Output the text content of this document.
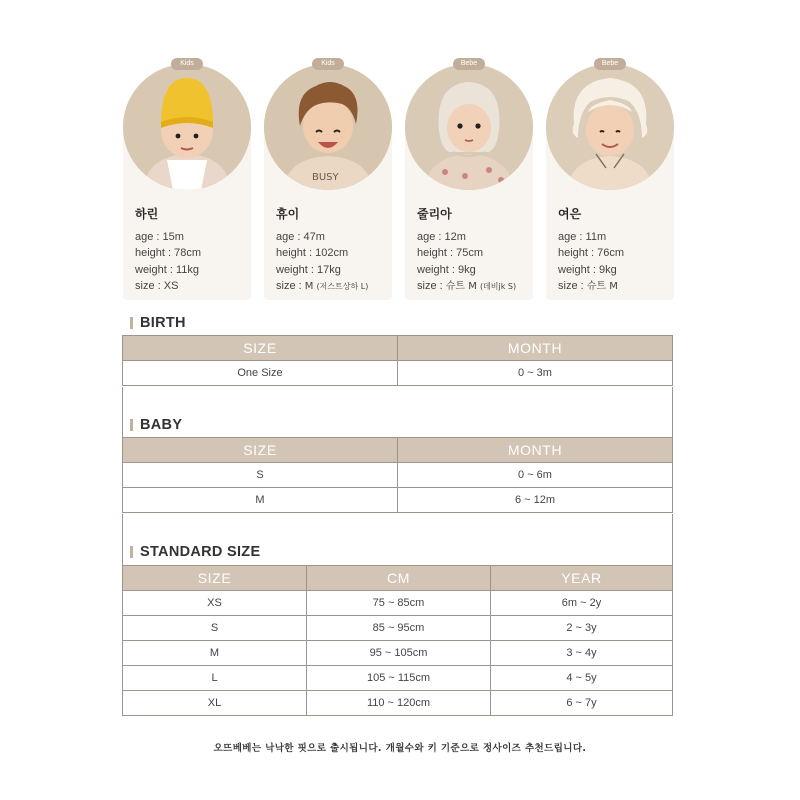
Kids
하린
age : 15m
height : 78cm
weight : 11kg
size : XS
Kids
BUSY
휴이
age : 47m
height : 102cm
weight : 17kg
size : M (저스트상하 L)
Bebe
줄리아
age : 12m
height : 75cm
weight : 9kg
size : 슈트 M (데비jk S)
Bebe
여은
age : 11m
height : 76cm
weight : 9kg
size : 슈트 M
BIRTH
SIZE	MONTH
One Size	0 ~ 3m
BABY
SIZE	MONTH
S	0 ~ 6m
M	6 ~ 12m
STANDARD SIZE
SIZE	CM	YEAR
XS	75 ~ 85cm	6m ~ 2y
S	85 ~ 95cm	2 ~ 3y
M	95 ~ 105cm	3 ~ 4y
L	105 ~ 115cm	4 ~ 5y
XL	110 ~ 120cm	6 ~ 7y
오뜨베베는 낙낙한 핏으로 출시됩니다. 개월수와 키 기준으로 정사이즈 추천드립니다.
